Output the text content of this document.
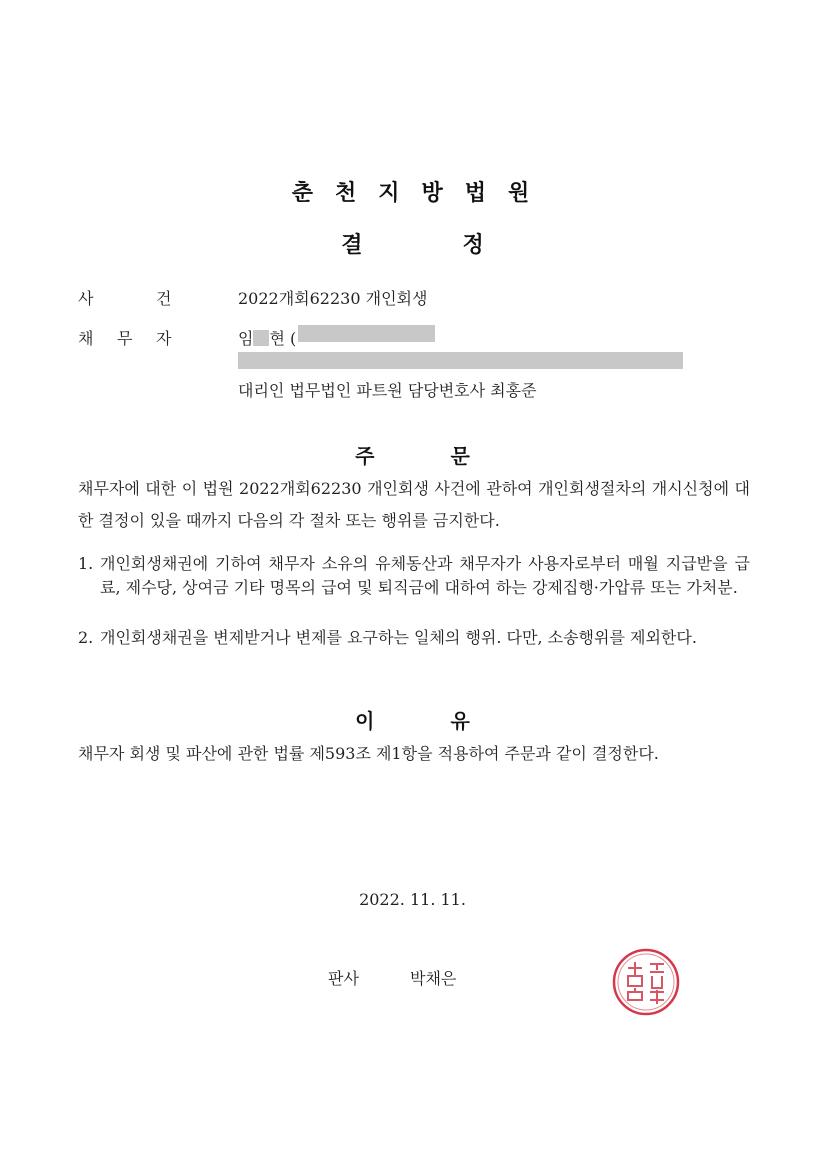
춘 천 지 방 법 원
결	정
사	건	2022개회62230 개인회생
채 무 자	임 현 (
대리인 법무법인 파트원 담당변호사 최홍준
주	문
채무자에 대한 이 법원 2022개회62230 개인회생 사건에 관하여 개인회생절차의 개시신청에 대한 결정이 있을 때까지 다음의 각 절차 또는 행위를 금지한다.
1. 개인회생채권에 기하여 채무자 소유의 유체동산과 채무자가 사용자로부터 매월 지급받을 급료, 제수당, 상여금 기타 명목의 급여 및 퇴직금에 대하여 하는 강제집행·가압류 또는 가처분.
2. 개인회생채권을 변제받거나 변제를 요구하는 일체의 행위. 다만, 소송행위를 제외한다.
이	유
채무자 회생 및 파산에 관한 법률 제593조 제1항을 적용하여 주문과 같이 결정한다.
2022. 11. 11.
판사	박채은
